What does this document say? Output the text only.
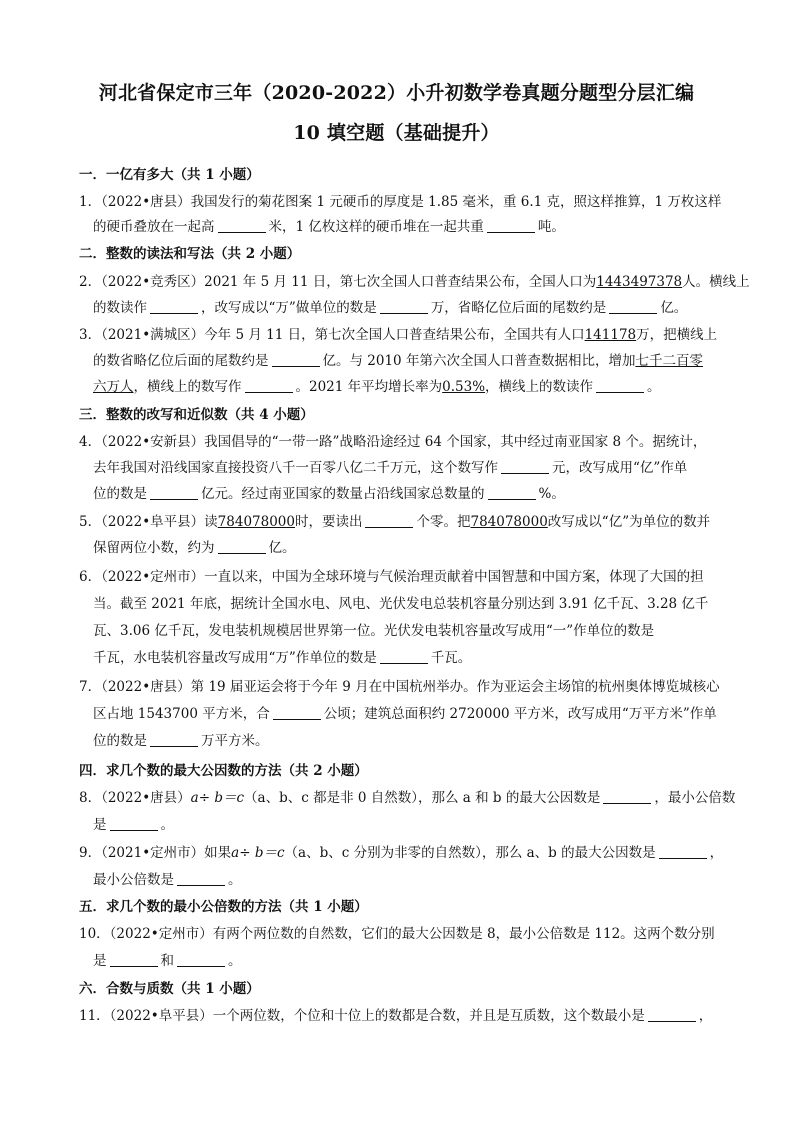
河北省保定市三年（2020-2022）小升初数学卷真题分题型分层汇编
10 填空题（基础提升）
一．一亿有多大（共 1 小题）
1．（2022•唐县）我国发行的菊花图案 1 元硬币的厚度是 1.85 毫米，重 6.1 克，照这样推算，1 万枚这样
的硬币叠放在一起高	米，1 亿枚这样的硬币堆在一起共重	吨。
二．整数的读法和写法（共 2 小题）
2．（2022•竞秀区）2021 年 5 月 11 日，第七次全国人口普查结果公布，全国人口为1443497378人。横线上
的数读作	，改写成以“万”做单位的数是	万，省略亿位后面的尾数约是	亿。
3．（2021•满城区）今年 5 月 11 日，第七次全国人口普查结果公布，全国共有人口141178万，把横线上
的数省略亿位后面的尾数约是	亿。与 2010 年第六次全国人口普查数据相比，增加七千二百零
六万人，横线上的数写作	。2021 年平均增长率为0.53%，横线上的数读作	。
三．整数的改写和近似数（共 4 小题）
4．（2022•安新县）我国倡导的“一带一路”战略沿途经过 64 个国家，其中经过南亚国家 8 个。据统计，
去年我国对沿线国家直接投资八千一百零八亿二千万元，这个数写作	元，改写成用“亿”作单
位的数是	亿元。经过南亚国家的数量占沿线国家总数量的	%。
5．（2022•阜平县）读784078000时，要读出	个零。把784078000改写成以“亿”为单位的数并
保留两位小数，约为	亿。
6．（2022•定州市）一直以来，中国为全球环境与气候治理贡献着中国智慧和中国方案，体现了大国的担
当。截至 2021 年底，据统计全国水电、风电、光伏发电总装机容量分别达到 3.91 亿千瓦、3.28 亿千
瓦、3.06 亿千瓦，发电装机规模居世界第一位。光伏发电装机容量改写成用“一”作单位的数是
千瓦，水电装机容量改写成用“万”作单位的数是	千瓦。
7．（2022•唐县）第 19 届亚运会将于今年 9 月在中国杭州举办。作为亚运会主场馆的杭州奥体博览城核心
区占地 1543700 平方米，合	公顷；建筑总面积约 2720000 平方米，改写成用“万平方米”作单
位的数是	万平方米。
四．求几个数的最大公因数的方法（共 2 小题）
8．（2022•唐县）a÷ b＝c（a、b、c 都是非 0 自然数），那么 a 和 b 的最大公因数是	，最小公倍数
是	。
9．（2021•定州市）如果a÷ b＝c（a、b、c 分别为非零的自然数），那么 a、b 的最大公因数是	，
最小公倍数是	。
五．求几个数的最小公倍数的方法（共 1 小题）
10．（2022•定州市）有两个两位数的自然数，它们的最大公因数是 8，最小公倍数是 112。这两个数分别
是	和	。
六．合数与质数（共 1 小题）
11．（2022•阜平县）一个两位数，个位和十位上的数都是合数，并且是互质数，这个数最小是	，
